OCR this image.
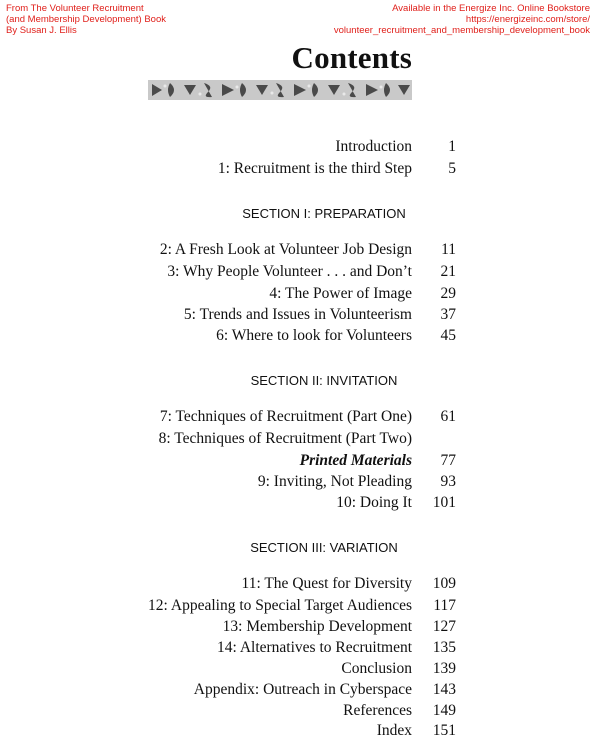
From The Volunteer Recruitment
(and Membership Development) Book
By Susan J. Ellis
Available in the Energize Inc. Online Bookstore
https://energizeinc.com/store/
volunteer_recruitment_and_membership_development_book
Contents
Introduction 1
1: Recruitment is the third Step 5
SECTION I: PREPARATION
2: A Fresh Look at Volunteer Job Design 11
3: Why People Volunteer . . . and Don’t 21
4: The Power of Image 29
5: Trends and Issues in Volunteerism 37
6: Where to look for Volunteers 45
SECTION II: INVITATION
7: Techniques of Recruitment (Part One) 61
8: Techniques of Recruitment (Part Two)
Printed Materials 77
9: Inviting, Not Pleading 93
10: Doing It 101
SECTION III: VARIATION
11: The Quest for Diversity 109
12: Appealing to Special Target Audiences 117
13: Membership Development 127
14: Alternatives to Recruitment 135
Conclusion 139
Appendix: Outreach in Cyberspace 143
References 149
Index 151
